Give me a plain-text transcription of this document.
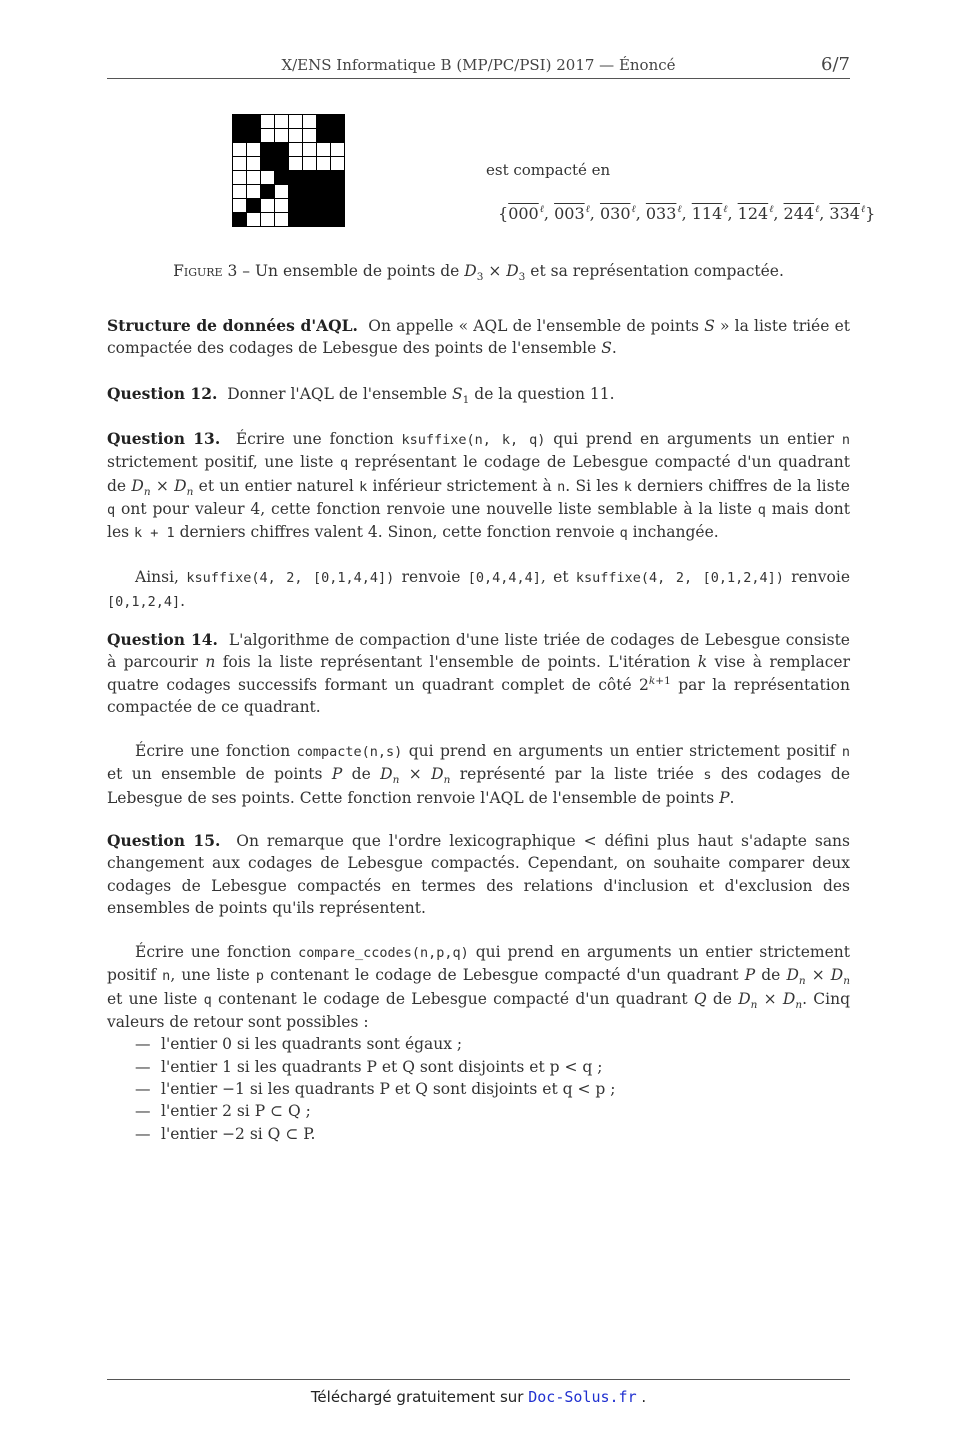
X/ENS Informatique B (MP/PC/PSI) 2017 — Énoncé	6/7
est compacté en
{$000^\ell$, $003^\ell$, $030^\ell$, $033^\ell$, $114^\ell$, $124^\ell$, $244^\ell$, $334^\ell$}
Figure 3 – Un ensemble de points de $D_3 \times D_3$ et sa représentation compactée.

Structure de données d'AQL.  On appelle « AQL de l'ensemble de points S » la liste triée et compactée des codages de Lebesgue des points de l'ensemble S.

Question 12.  Donner l'AQL de l'ensemble $S_1$ de la question 11.

Question 13.  Écrire une fonction ksuffixe(n, k, q) qui prend en arguments un entier n strictement positif, une liste q représentant le codage de Lebesgue compacté d'un quadrant de $D_n \times D_n$ et un entier naturel k inférieur strictement à n. Si les k derniers chiffres de la liste q ont pour valeur 4, cette fonction renvoie une nouvelle liste semblable à la liste q mais dont les k + 1 derniers chiffres valent 4. Sinon, cette fonction renvoie q inchangée.

Ainsi, ksuffixe(4, 2, [0,1,4,4]) renvoie [0,4,4,4], et ksuffixe(4, 2, [0,1,2,4]) renvoie [0,1,2,4].

Question 14.  L'algorithme de compaction d'une liste triée de codages de Lebesgue consiste à parcourir n fois la liste représentant l'ensemble de points. L'itération k vise à remplacer quatre codages successifs formant un quadrant complet de côté $2^{k+1}$ par la représentation compactée de ce quadrant.

Écrire une fonction compacte(n,s) qui prend en arguments un entier strictement positif n et un ensemble de points P de $D_n \times D_n$ représenté par la liste triée s des codages de Lebesgue de ses points. Cette fonction renvoie l'AQL de l'ensemble de points P.

Question 15.  On remarque que l'ordre lexicographique < défini plus haut s'adapte sans changement aux codages de Lebesgue compactés. Cependant, on souhaite comparer deux codages de Lebesgue compactés en termes des relations d'inclusion et d'exclusion des ensembles de points qu'ils représentent.

Écrire une fonction compare_ccodes(n,p,q) qui prend en arguments un entier strictement positif n, une liste p contenant le codage de Lebesgue compacté d'un quadrant P de $D_n \times D_n$ et une liste q contenant le codage de Lebesgue compacté d'un quadrant Q de $D_n \times D_n$. Cinq valeurs de retour sont possibles :

— l'entier 0 si les quadrants sont égaux ;
— l'entier 1 si les quadrants P et Q sont disjoints et p < q ;
— l'entier −1 si les quadrants P et Q sont disjoints et q < p ;
— l'entier 2 si P ⊂ Q ;
— l'entier −2 si Q ⊂ P.
Téléchargé gratuitement sur Doc-Solus.fr .
